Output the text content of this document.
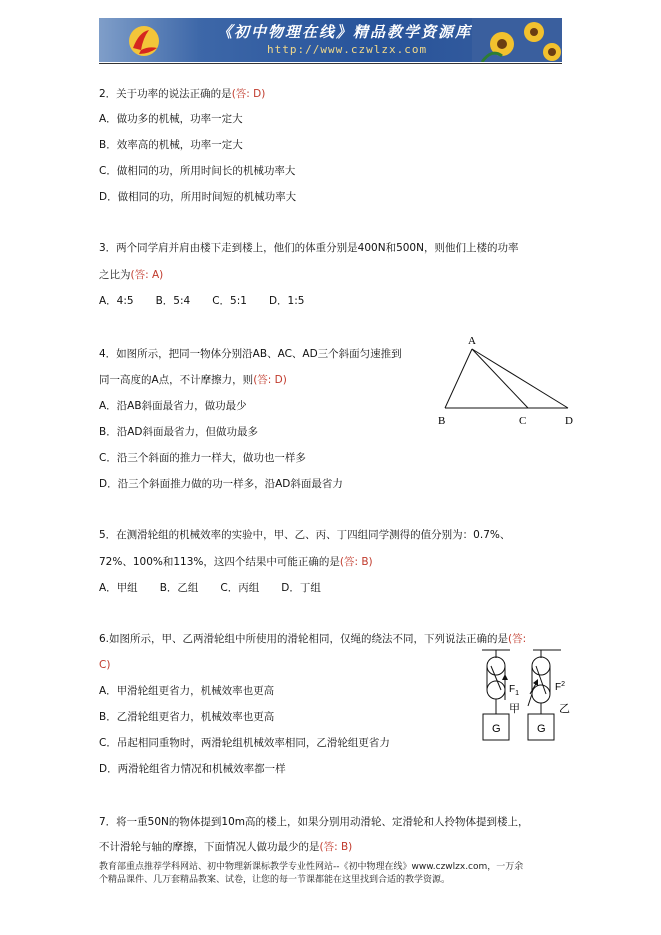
《初中物理在线》精品教学资源库
http://www.czwlzx.com
2．关于功率的说法正确的是(答: D)
A．做功多的机械，功率一定大
B．效率高的机械，功率一定大
C．做相同的功，所用时间长的机械功率大
D．做相同的功，所用时间短的机械功率大
3．两个同学肩并肩由楼下走到楼上，他们的体重分别是400N和500N，则他们上楼的功率
之比为(答: A)
A．4:5 B．5:4 C．5:1 D．1:5
4．如图所示，把同一物体分别沿AB、AC、AD三个斜面匀速推到
同一高度的A点，不计摩擦力，则(答: D)
A．沿AB斜面最省力，做功最少
B．沿AD斜面最省力，但做功最多
C．沿三个斜面的推力一样大，做功也一样多
D．沿三个斜面推力做的功一样多，沿AD斜面最省力
A
B	C	D
5．在测滑轮组的机械效率的实验中，甲、乙、丙、丁四组同学测得的值分别为：0.7%、
72%、100%和113%，这四个结果中可能正确的是(答: B)
A．甲组 B．乙组 C．丙组 D．丁组
6.如图所示，甲、乙两滑轮组中所使用的滑轮相同，仅绳的绕法不同，下列说法正确的是(答:
C)
A．甲滑轮组更省力，机械效率也更高
B．乙滑轮组更省力，机械效率也更高
C．吊起相同重物时，两滑轮组机械效率相同，乙滑轮组更省力
D．两滑轮组省力情况和机械效率都一样
$F_1$
$F^2$
甲	乙
G	G
7．将一重50N的物体提到10m高的楼上，如果分别用动滑轮、定滑轮和人拎物体提到楼上，
不计滑轮与轴的摩擦，下面情况人做功最少的是(答: B)
教育部重点推荐学科网站、初中物理新课标教学专业性网站--《初中物理在线》www.czwlzx.com，一万余
个精品课件、几万套精品教案、试卷，让您的每一节课都能在这里找到合适的教学资源。
